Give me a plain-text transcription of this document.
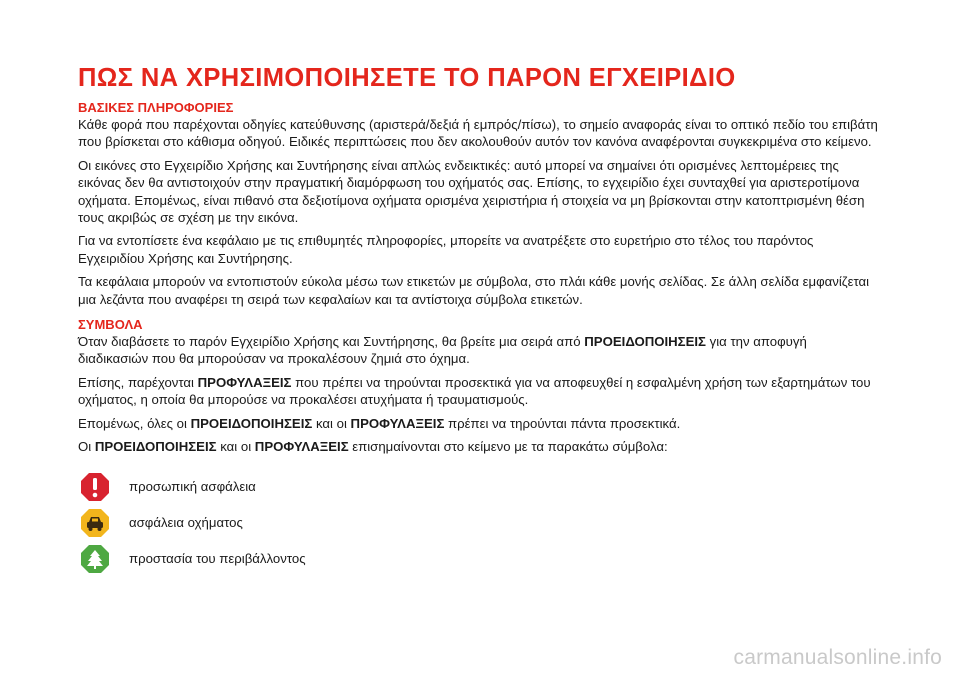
ΠΩΣ ΝΑ ΧΡΗΣΙΜΟΠΟΙΗΣΕΤΕ ΤΟ ΠΑΡΟΝ ΕΓΧΕΙΡΙΔΙΟ
ΒΑΣΙΚΕΣ ΠΛΗΡΟΦΟΡΙΕΣ

Κάθε φορά που παρέχονται οδηγίες κατεύθυνσης (αριστερά/δεξιά ή εμπρός/πίσω), το σημείο αναφοράς είναι το οπτικό πεδίο του επιβάτη που βρίσκεται στο κάθισμα οδηγού. Ειδικές περιπτώσεις που δεν ακολουθούν αυτόν τον κανόνα αναφέρονται συγκεκριμένα στο κείμενο.

Οι εικόνες στο Εγχειρίδιο Χρήσης και Συντήρησης είναι απλώς ενδεικτικές: αυτό μπορεί να σημαίνει ότι ορισμένες λεπτομέρειες της εικόνας δεν θα αντιστοιχούν στην πραγματική διαμόρφωση του οχήματός σας. Επίσης, το εγχειρίδιο έχει συνταχθεί για αριστεροτίμονα οχήματα. Επομένως, είναι πιθανό στα δεξιοτίμονα οχήματα ορισμένα χειριστήρια ή στοιχεία να μη βρίσκονται στην κατοπτρισμένη θέση τους ακριβώς σε σχέση με την εικόνα.

Για να εντοπίσετε ένα κεφάλαιο με τις επιθυμητές πληροφορίες, μπορείτε να ανατρέξετε στο ευρετήριο στο τέλος του παρόντος Εγχειριδίου Χρήσης και Συντήρησης.

Τα κεφάλαια μπορούν να εντοπιστούν εύκολα μέσω των ετικετών με σύμβολα, στο πλάι κάθε μονής σελίδας. Σε άλλη σελίδα εμφανίζεται μια λεζάντα που αναφέρει τη σειρά των κεφαλαίων και τα αντίστοιχα σύμβολα ετικετών.

ΣΥΜΒΟΛΑ

Όταν διαβάσετε το παρόν Εγχειρίδιο Χρήσης και Συντήρησης, θα βρείτε μια σειρά από ΠΡΟΕΙΔΟΠΟΙΗΣΕΙΣ για την αποφυγή διαδικασιών που θα μπορούσαν να προκαλέσουν ζημιά στο όχημα.

Επίσης, παρέχονται ΠΡΟΦΥΛΑΞΕΙΣ που πρέπει να τηρούνται προσεκτικά για να αποφευχθεί η εσφαλμένη χρήση των εξαρτημάτων του οχήματος, η οποία θα μπορούσε να προκαλέσει ατυχήματα ή τραυματισμούς.

Επομένως, όλες οι ΠΡΟΕΙΔΟΠΟΙΗΣΕΙΣ και οι ΠΡΟΦΥΛΑΞΕΙΣ πρέπει να τηρούνται πάντα προσεκτικά.

Οι ΠΡΟΕΙΔΟΠΟΙΗΣΕΙΣ και οι ΠΡΟΦΥΛΑΞΕΙΣ επισημαίνονται στο κείμενο με τα παρακάτω σύμβολα:

προσωπική ασφάλεια
ασφάλεια οχήματος
προστασία του περιβάλλοντος
carmanualsonline.info
